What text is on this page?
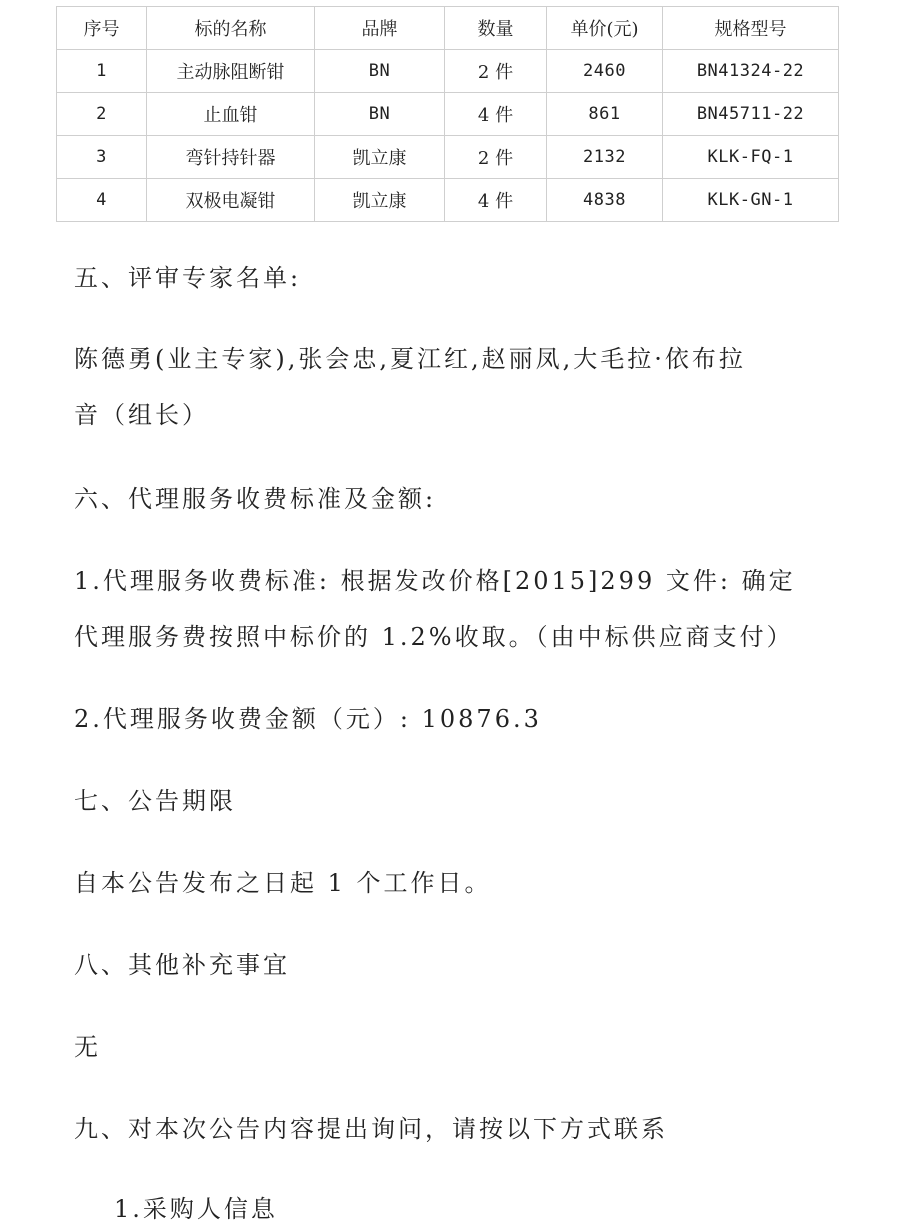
序号	标的名称	品牌	数量	单价(元)	规格型号
1	主动脉阻断钳	BN	2 件	2460	BN41324-22
2	止血钳	BN	4 件	861	BN45711-22
3	弯针持针器	凯立康	2 件	2132	KLK-FQ-1
4	双极电凝钳	凯立康	4 件	4838	KLK-GN-1
五、评审专家名单:
陈德勇(业主专家),张会忠,夏江红,赵丽凤,大毛拉·依布拉
音（组长）
六、代理服务收费标准及金额:
1.代理服务收费标准: 根据发改价格[2015]299 文件: 确定
代理服务费按照中标价的 1.2%收取。（由中标供应商支付）
2.代理服务收费金额（元）: 10876.3
七、公告期限
自本公告发布之日起 1 个工作日。
八、其他补充事宜
无
九、对本次公告内容提出询问，请按以下方式联系
1.采购人信息
